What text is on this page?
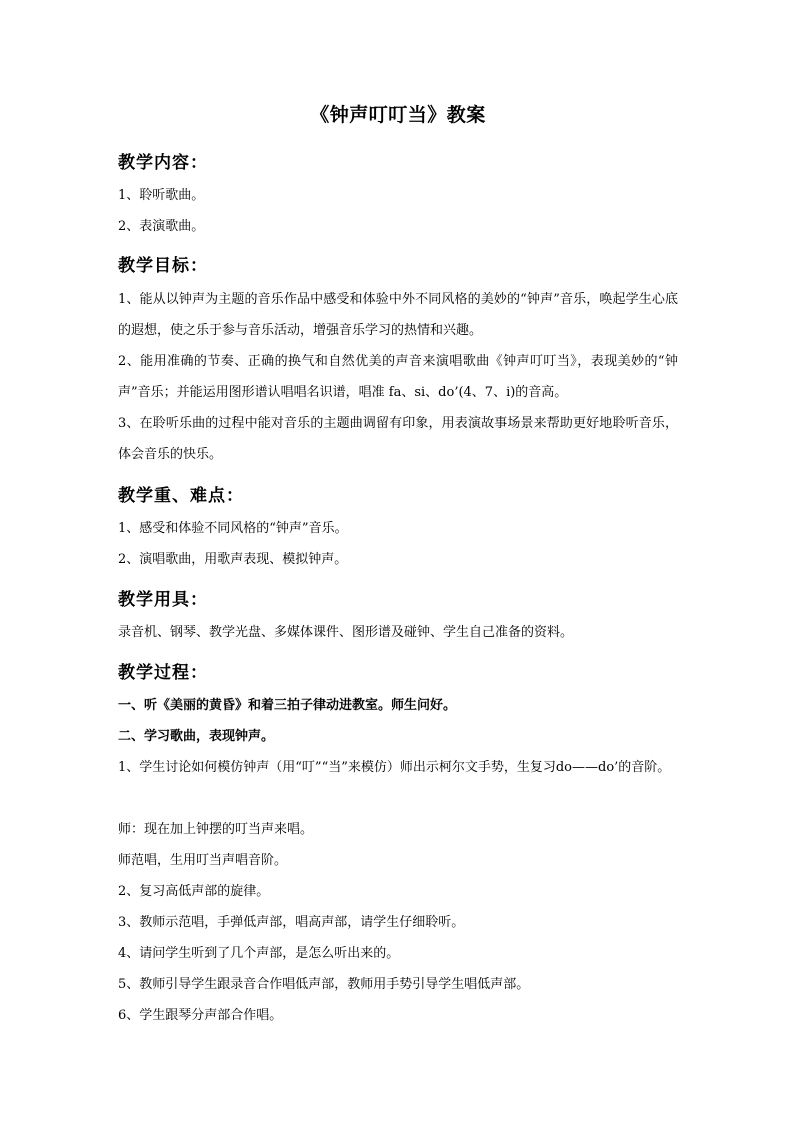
《钟声叮叮当》教案
教学内容：
1、聆听歌曲。
2、表演歌曲。
教学目标：
1、能从以钟声为主题的音乐作品中感受和体验中外不同风格的美妙的“钟声”音乐，唤起学生心底的遐想，使之乐于参与音乐活动，增强音乐学习的热情和兴趣。
2、能用准确的节奏、正确的换气和自然优美的声音来演唱歌曲《钟声叮叮当》，表现美妙的“钟声”音乐；并能运用图形谱认唱唱名识谱，唱准 fa、si、do’(4、7、i)的音高。
3、在聆听乐曲的过程中能对音乐的主题曲调留有印象，用表演故事场景来帮助更好地聆听音乐，体会音乐的快乐。
教学重、难点：
1、感受和体验不同风格的“钟声”音乐。
2、演唱歌曲，用歌声表现、模拟钟声。
教学用具：
录音机、钢琴、教学光盘、多媒体课件、图形谱及碰钟、学生自己准备的资料。
教学过程：
一、听《美丽的黄昏》和着三拍子律动进教室。师生问好。
二、学习歌曲，表现钟声。
1、学生讨论如何模仿钟声（用“叮”“当”来模仿）师出示柯尔文手势，生复习do——do’的音阶。
师：现在加上钟摆的叮当声来唱。
师范唱，生用叮当声唱音阶。
2、复习高低声部的旋律。
3、教师示范唱，手弹低声部，唱高声部，请学生仔细聆听。
4、请问学生听到了几个声部，是怎么听出来的。
5、教师引导学生跟录音合作唱低声部，教师用手势引导学生唱低声部。
6、学生跟琴分声部合作唱。
